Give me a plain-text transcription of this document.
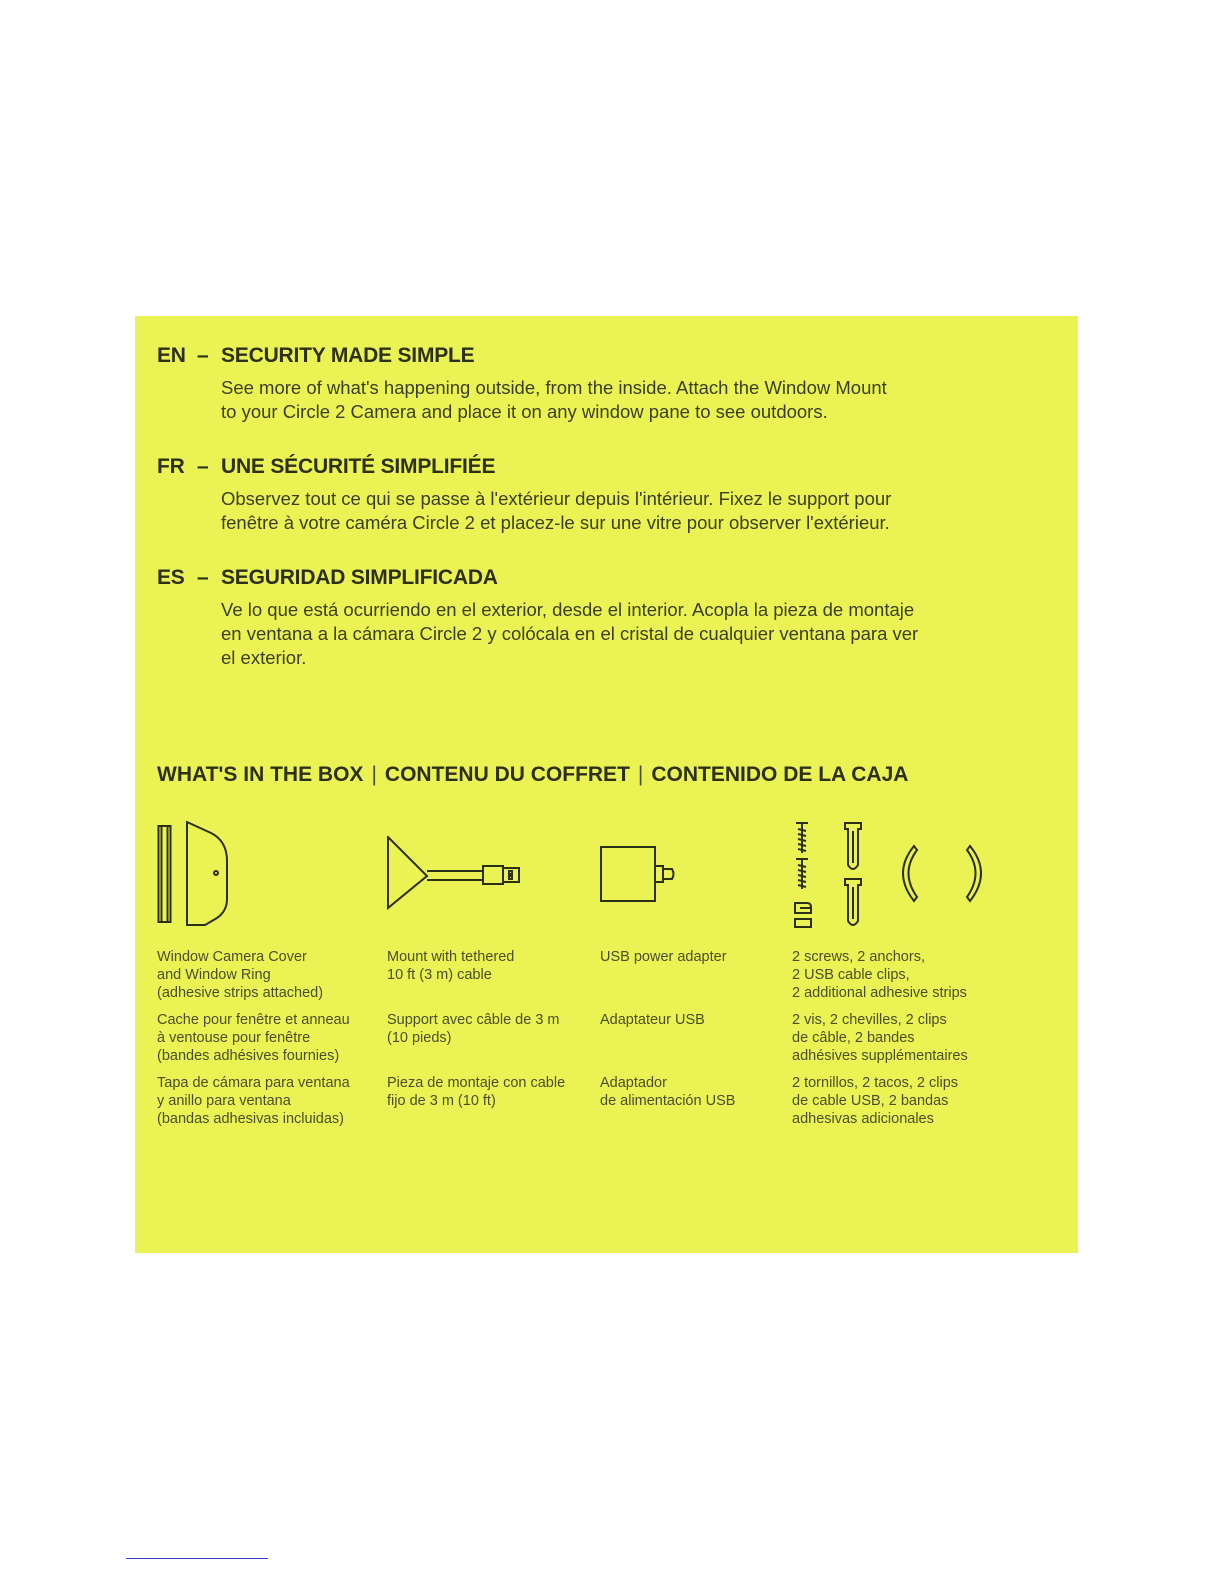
EN – SECURITY MADE SIMPLE
See more of what's happening outside, from the inside. Attach the Window Mount
to your Circle 2 Camera and place it on any window pane to see outdoors.
FR – UNE SÉCURITÉ SIMPLIFIÉE
Observez tout ce qui se passe à l'extérieur depuis l'intérieur. Fixez le support pour
fenêtre à votre caméra Circle 2 et placez-le sur une vitre pour observer l'extérieur.
ES – SEGURIDAD SIMPLIFICADA
Ve lo que está ocurriendo en el exterior, desde el interior. Acopla la pieza de montaje
en ventana a la cámara Circle 2 y colócala en el cristal de cualquier ventana para ver
el exterior.
WHAT'S IN THE BOX | CONTENU DU COFFRET | CONTENIDO DE LA CAJA
Window Camera Cover
and Window Ring
(adhesive strips attached)
Cache pour fenêtre et anneau
à ventouse pour fenêtre
(bandes adhésives fournies)
Tapa de cámara para ventana
y anillo para ventana
(bandas adhesivas incluidas)
Mount with tethered
10 ft (3 m) cable
Support avec câble de 3 m
(10 pieds)
Pieza de montaje con cable
fijo de 3 m (10 ft)
USB power adapter
Adaptateur USB
Adaptador
de alimentación USB
2 screws, 2 anchors,
2 USB cable clips,
2 additional adhesive strips
2 vis, 2 chevilles, 2 clips
de câble, 2 bandes
adhésives supplémentaires
2 tornillos, 2 tacos, 2 clips
de cable USB, 2 bandas
adhesivas adicionales
